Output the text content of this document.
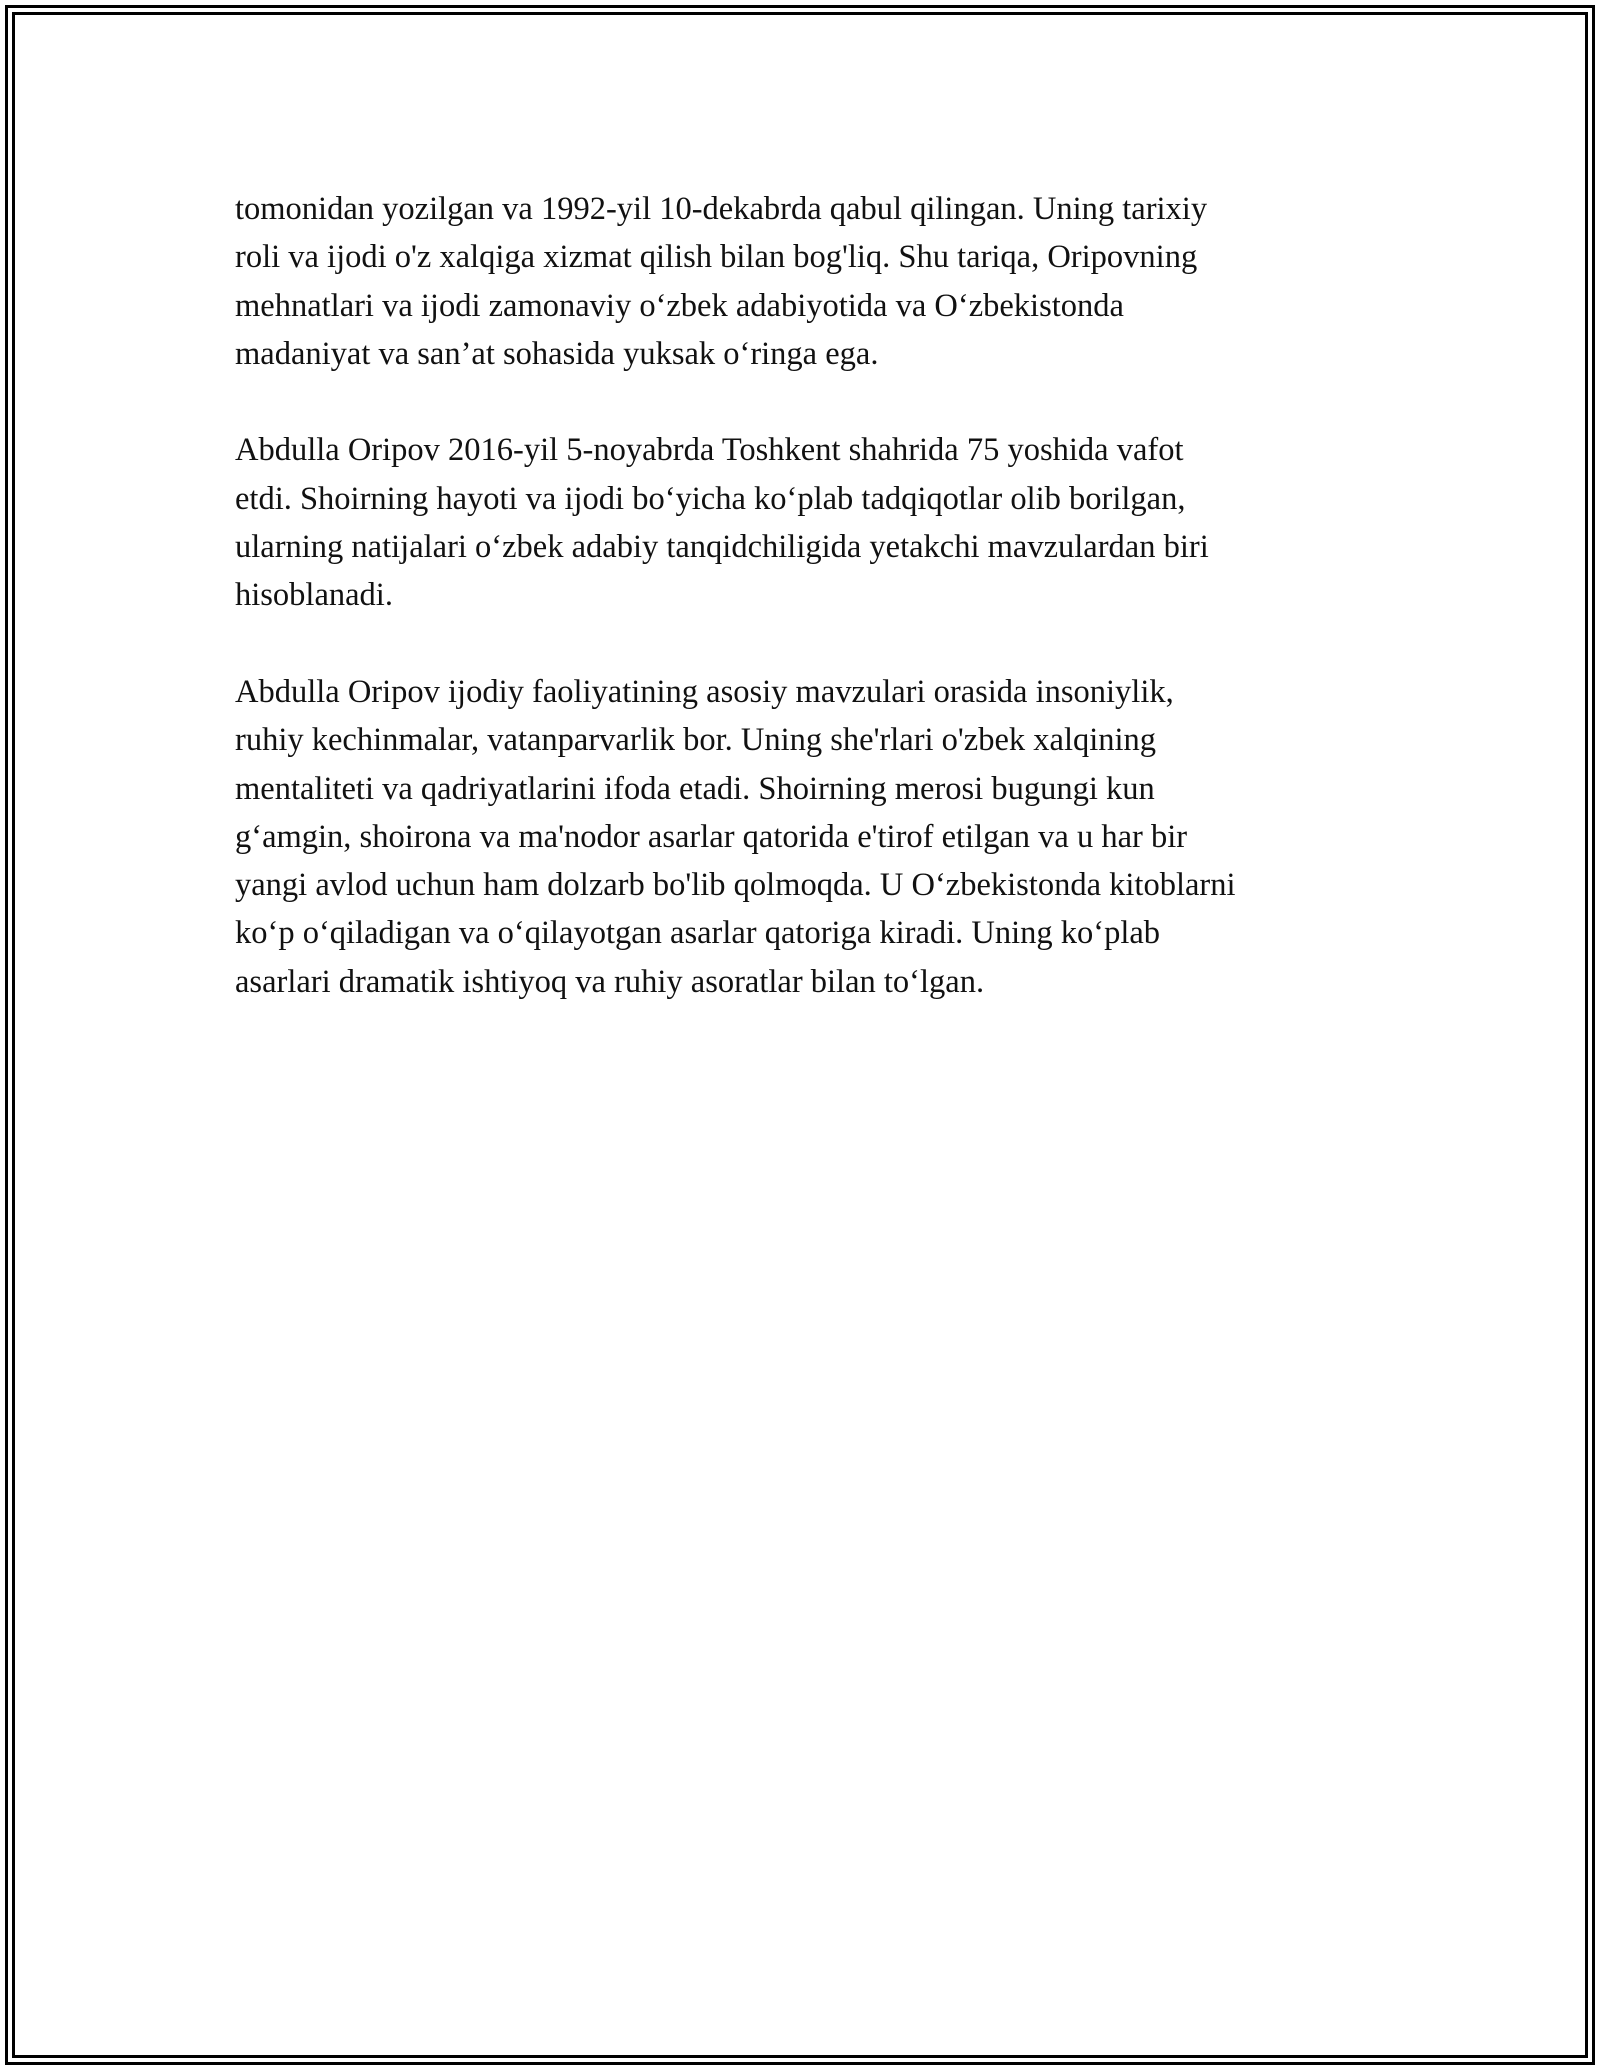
tomonidan yozilgan va 1992-yil 10-dekabrda qabul qilingan. Uning tarixiy
roli va ijodi o'z xalqiga xizmat qilish bilan bog'liq. Shu tariqa, Oripovning
mehnatlari va ijodi zamonaviy o‘zbek adabiyotida va O‘zbekistonda
madaniyat va san’at sohasida yuksak o‘ringa ega.

Abdulla Oripov 2016-yil 5-noyabrda Toshkent shahrida 75 yoshida vafot
etdi. Shoirning hayoti va ijodi bo‘yicha ko‘plab tadqiqotlar olib borilgan,
ularning natijalari o‘zbek adabiy tanqidchiligida yetakchi mavzulardan biri
hisoblanadi.

Abdulla Oripov ijodiy faoliyatining asosiy mavzulari orasida insoniylik,
ruhiy kechinmalar, vatanparvarlik bor. Uning she'rlari o'zbek xalqining
mentaliteti va qadriyatlarini ifoda etadi. Shoirning merosi bugungi kun
g‘amgin, shoirona va ma'nodor asarlar qatorida e'tirof etilgan va u har bir
yangi avlod uchun ham dolzarb bo'lib qolmoqda. U O‘zbekistonda kitoblarni
ko‘p o‘qiladigan va o‘qilayotgan asarlar qatoriga kiradi. Uning ko‘plab
asarlari dramatik ishtiyoq va ruhiy asoratlar bilan to‘lgan.
